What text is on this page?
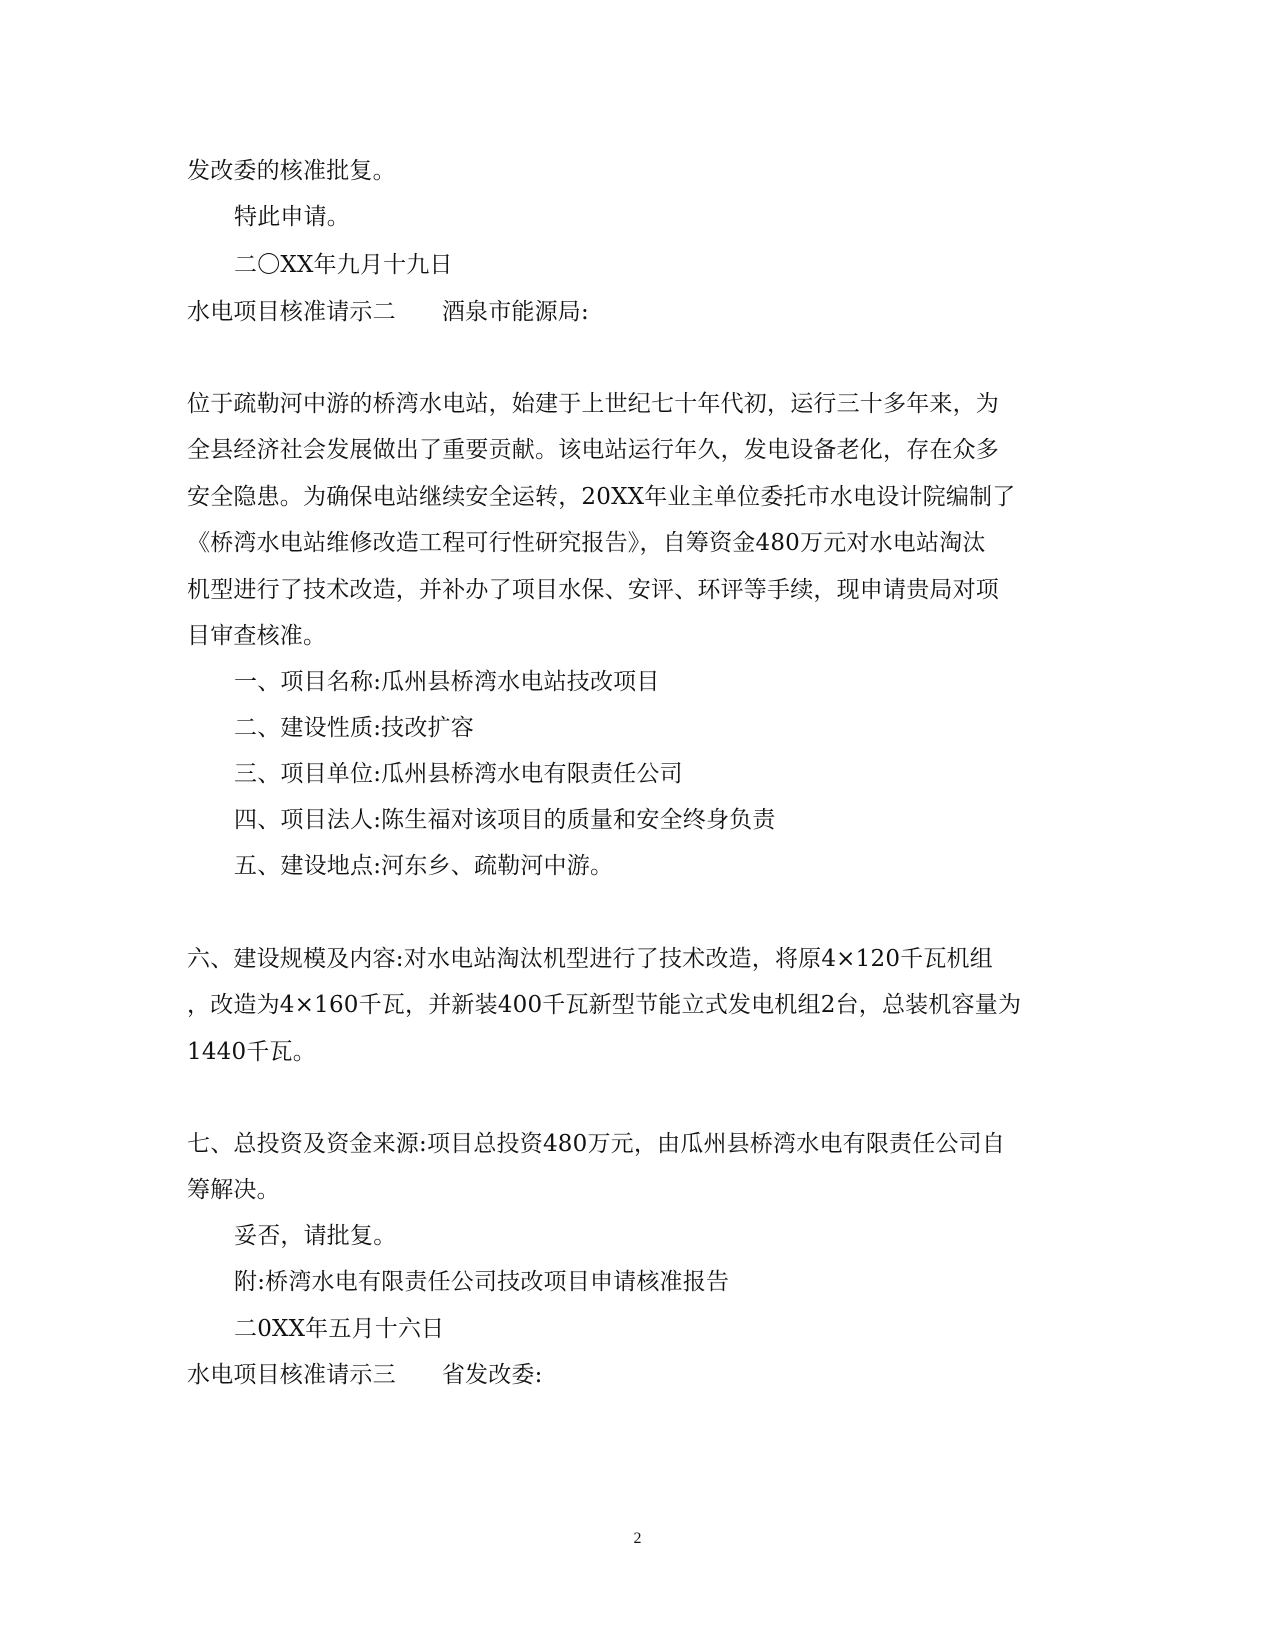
发改委的核准批复。
特此申请。
二〇XX年九月十九日
水电项目核准请示二 酒泉市能源局:
位于疏勒河中游的桥湾水电站，始建于上世纪七十年代初，运行三十多年来，为
全县经济社会发展做出了重要贡献。该电站运行年久，发电设备老化，存在众多
安全隐患。为确保电站继续安全运转，20XX年业主单位委托市水电设计院编制了
《桥湾水电站维修改造工程可行性研究报告》，自筹资金480万元对水电站淘汰
机型进行了技术改造，并补办了项目水保、安评、环评等手续，现申请贵局对项
目审查核准。
一、项目名称:瓜州县桥湾水电站技改项目
二、建设性质:技改扩容
三、项目单位:瓜州县桥湾水电有限责任公司
四、项目法人:陈生福对该项目的质量和安全终身负责
五、建设地点:河东乡、疏勒河中游。
六、建设规模及内容:对水电站淘汰机型进行了技术改造，将原4×120千瓦机组
，改造为4×160千瓦，并新装400千瓦新型节能立式发电机组2台，总装机容量为
1440千瓦。
七、总投资及资金来源:项目总投资480万元，由瓜州县桥湾水电有限责任公司自
筹解决。
妥否，请批复。
附:桥湾水电有限责任公司技改项目申请核准报告
二0XX年五月十六日
水电项目核准请示三 省发改委:
2
